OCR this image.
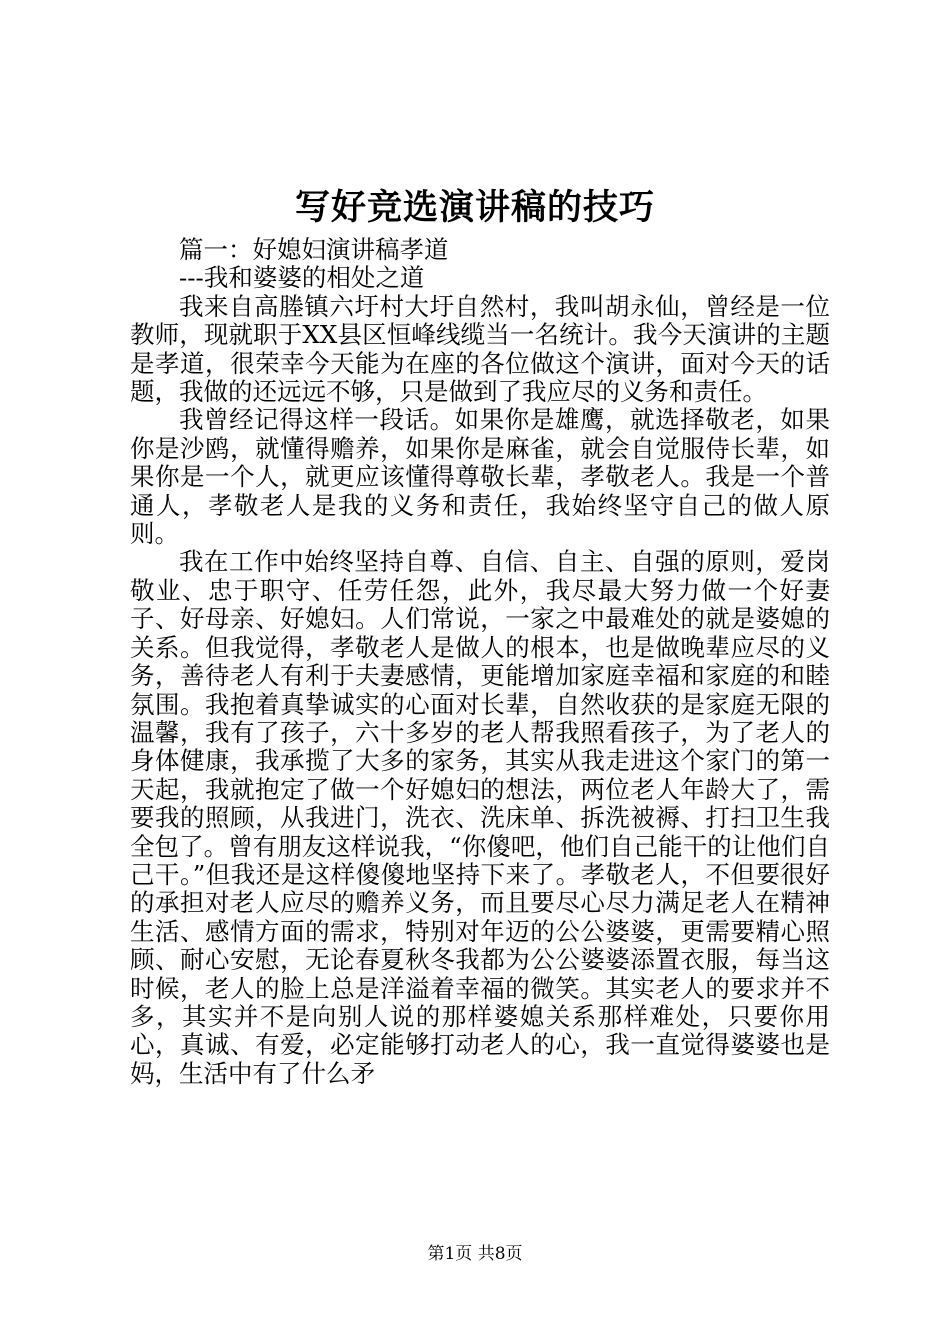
写好竞选演讲稿的技巧

篇一：好媳妇演讲稿孝道

---我和婆婆的相处之道

我来自高塍镇六圩村大圩自然村，我叫胡永仙，曾经是一位教师，现就职于XX县区恒峰线缆当一名统计。我今天演讲的主题是孝道，很荣幸今天能为在座的各位做这个演讲，面对今天的话题，我做的还远远不够，只是做到了我应尽的义务和责任。

我曾经记得这样一段话。如果你是雄鹰，就选择敬老，如果你是沙鸥，就懂得赡养，如果你是麻雀，就会自觉服侍长辈，如果你是一个人，就更应该懂得尊敬长辈，孝敬老人。我是一个普通人，孝敬老人是我的义务和责任，我始终坚守自己的做人原则。

我在工作中始终坚持自尊、自信、自主、自强的原则，爱岗敬业、忠于职守、任劳任怨，此外，我尽最大努力做一个好妻子、好母亲、好媳妇。人们常说，一家之中最难处的就是婆媳的关系。但我觉得，孝敬老人是做人的根本，也是做晚辈应尽的义务，善待老人有利于夫妻感情，更能增加家庭幸福和家庭的和睦氛围。我抱着真挚诚实的心面对长辈，自然收获的是家庭无限的温馨，我有了孩子，六十多岁的老人帮我照看孩子，为了老人的身体健康，我承揽了大多的家务，其实从我走进这个家门的第一天起，我就抱定了做一个好媳妇的想法，两位老人年龄大了，需要我的照顾，从我进门，洗衣、洗床单、拆洗被褥、打扫卫生我全包了。曾有朋友这样说我，“你傻吧，他们自己能干的让他们自己干。”但我还是这样傻傻地坚持下来了。孝敬老人，不但要很好的承担对老人应尽的赡养义务，而且要尽心尽力满足老人在精神生活、感情方面的需求，特别对年迈的公公婆婆，更需要精心照顾、耐心安慰，无论春夏秋冬我都为公公婆婆添置衣服，每当这时候，老人的脸上总是洋溢着幸福的微笑。其实老人的要求并不多，其实并不是向别人说的那样婆媳关系那样难处，只要你用心，真诚、有爱，必定能够打动老人的心，我一直觉得婆婆也是妈，生活中有了什么矛

第1页 共8页
